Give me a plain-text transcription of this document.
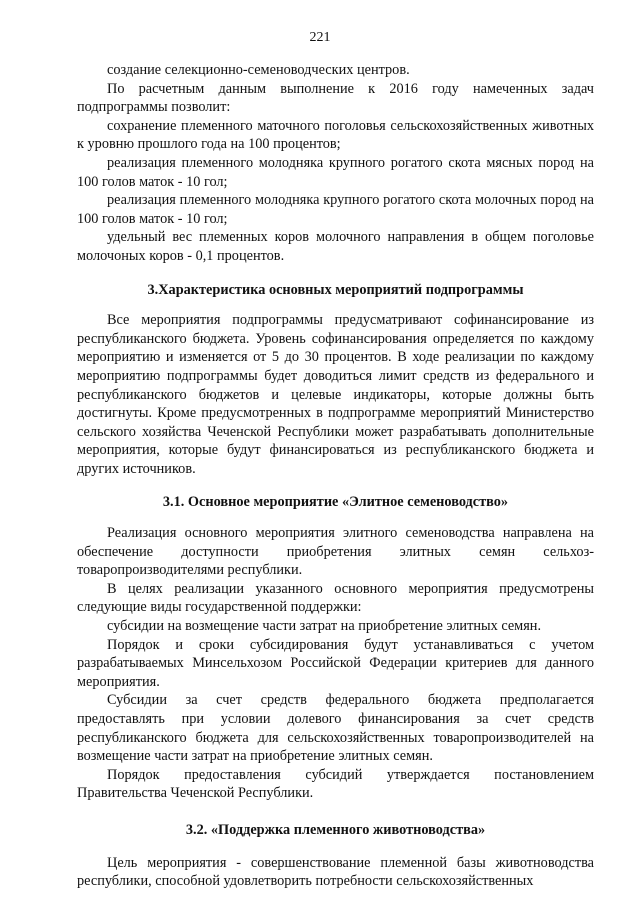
221

создание селекционно-семеноводческих центров.

По расчетным данным выполнение к 2016 году намеченных задач подпрограммы позволит:

сохранение племенного маточного поголовья сельскохозяйственных животных к уровню прошлого года на 100 процентов;

реализация племенного молодняка крупного рогатого скота мясных пород на 100 голов маток - 10 гол;

реализация племенного молодняка крупного рогатого скота молочных пород на 100 голов маток - 10 гол;

удельный вес племенных коров молочного направления в общем поголовье молочоных коров - 0,1 процентов.

3.Характеристика основных мероприятий подпрограммы

Все мероприятия подпрограммы предусматривают софинансирование из республиканского бюджета. Уровень софинансирования определяется по каждому мероприятию и изменяется от 5 до 30 процентов. В ходе реализации по каждому мероприятию подпрограммы будет доводиться лимит средств из федерального и республиканского бюджетов и целевые индикаторы, которые должны быть достигнуты. Кроме предусмотренных в подпрограмме мероприятий Министерство сельского хозяйства Чеченской Республики может разрабатывать дополнительные мероприятия, которые будут финансироваться из республиканского бюджета и других источников.

3.1. Основное мероприятие «Элитное семеноводство»

Реализация основного мероприятия элитного семеноводства направлена на обеспечение доступности приобретения элитных семян сельхоз-товаропроизводителями республики.

В целях реализации указанного основного мероприятия предусмотрены следующие виды государственной поддержки:

субсидии на возмещение части затрат на приобретение элитных семян.

Порядок и сроки субсидирования будут устанавливаться с учетом разрабатываемых Минсельхозом Российской Федерации критериев для данного мероприятия.

Субсидии за счет средств федерального бюджета предполагается предоставлять при условии долевого финансирования за счет средств республиканского бюджета для сельскохозяйственных товаропроизводителей на возмещение части затрат на приобретение элитных семян.

Порядок предоставления субсидий утверждается постановлением Правительства Чеченской Республики.

3.2. «Поддержка племенного животноводства»

Цель мероприятия - совершенствование племенной базы животноводства республики, способной удовлетворить потребности сельскохозяйственных
